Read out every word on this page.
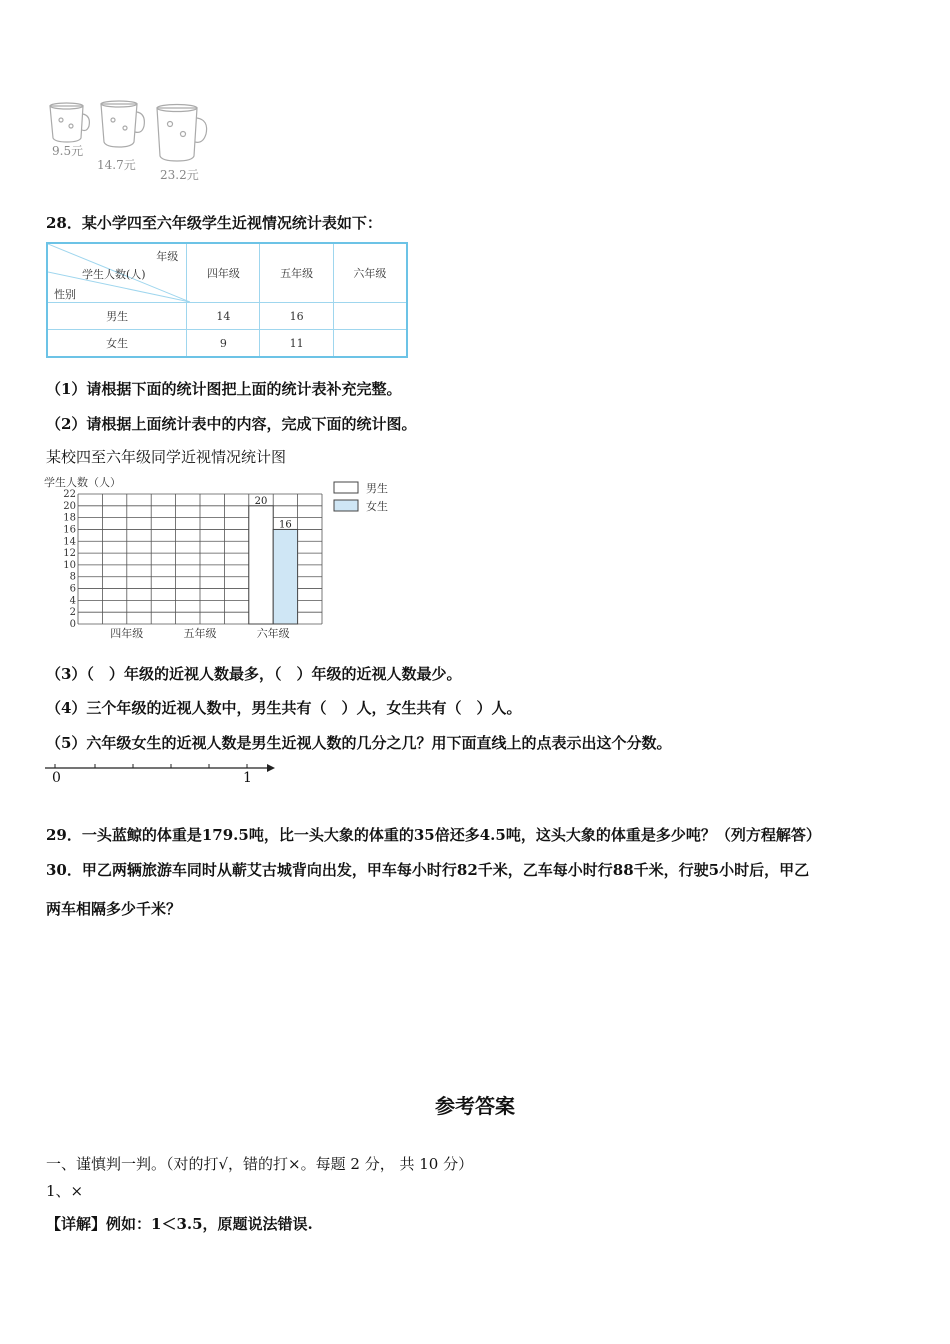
9.5元
14.7元
23.2元
28．某小学四至六年级学生近视情况统计表如下：
年级
学生人数(人)
性别	四年级	五年级	六年级
男生	14	16	
女生	9	11	
（1）请根据下面的统计图把上面的统计表补充完整。
（2）请根据上面统计表中的内容，完成下面的统计图。
某校四至六年级同学近视情况统计图
学生人数（人）
0
2
4
6
8
10
12
14
16
18
20
22
四年级	五年级	六年级
20
16
男生
女生
（3）（　）年级的近视人数最多，（　）年级的近视人数最少。
（4）三个年级的近视人数中，男生共有（　）人，女生共有（　）人。
（5）六年级女生的近视人数是男生近视人数的几分之几？用下面直线上的点表示出这个分数。
0	1
29．一头蓝鲸的体重是179.5吨，比一头大象的体重的35倍还多4.5吨，这头大象的体重是多少吨？（列方程解答）
30．甲乙两辆旅游车同时从蕲艾古城背向出发，甲车每小时行82千米，乙车每小时行88千米，行驶5小时后，甲乙
两车相隔多少千米？
参考答案
一、谨慎判一判。（对的打√，错的打×。每题 2 分， 共 10 分）
1、×
【详解】例如：1＜3.5，原题说法错误.
